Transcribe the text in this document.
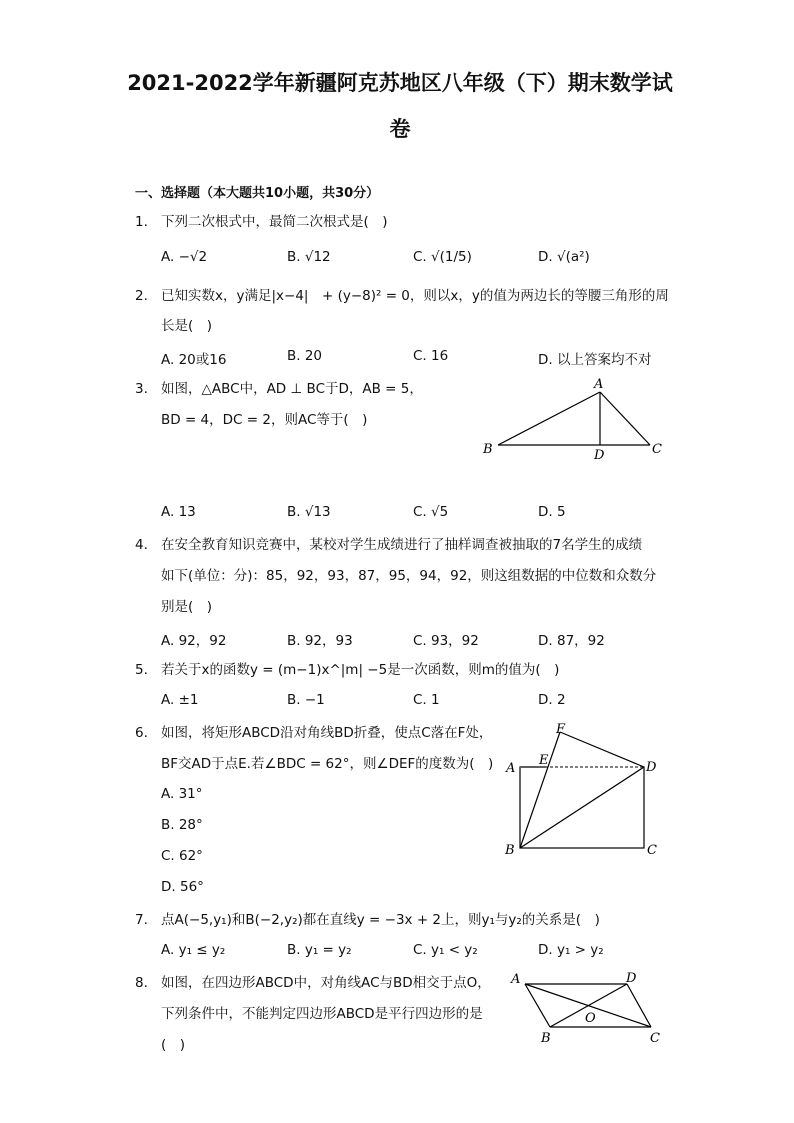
2021-2022学年新疆阿克苏地区八年级（下）期末数学试
卷
一、选择题（本大题共10小题，共30分）
1. 下列二次根式中，最简二次根式是(　)
A. −√2	B. √12	C. √(1/5)	D. √(a²)
2. 已知实数x，y满足|x−4|　+ (y−8)² = 0，则以x，y的值为两边长的等腰三角形的周
长是(　)
A. 20或16	B. 20	C. 16	D. 以上答案均不对
3. 如图，△ABC中，AD ⊥ BC于D，AB = 5，
BD = 4，DC = 2，则AC等于(　)
A
B	C
D
A. 13	B. √13	C. √5	D. 5
4. 在安全教育知识竞赛中，某校对学生成绩进行了抽样调查被抽取的7名学生的成绩
如下(单位：分)：85，92，93，87，95，94，92，则这组数据的中位数和众数分
别是(　)
A. 92，92	B. 92，93	C. 93，92	D. 87，92
5. 若关于x的函数y = (m−1)x^|m| −5是一次函数，则m的值为(　)
A. ±1	B. −1	C. 1	D. 2
6. 如图，将矩形ABCD沿对角线BD折叠，使点C落在F处，
BF交AD于点E.若∠BDC = 62°，则∠DEF的度数为(　)
A. 31°
B. 28°
C. 62°
D. 56°
A
B	C
D
E
F
7. 点A(−5,y₁)和B(−2,y₂)都在直线y = −3x + 2上，则y₁与y₂的关系是(　)
A. y₁ ≤ y₂	B. y₁ = y₂	C. y₁ < y₂	D. y₁ > y₂
8. 如图，在四边形ABCD中，对角线AC与BD相交于点O，
下列条件中，不能判定四边形ABCD是平行四边形的是
(　)
A
B	C
D
O
